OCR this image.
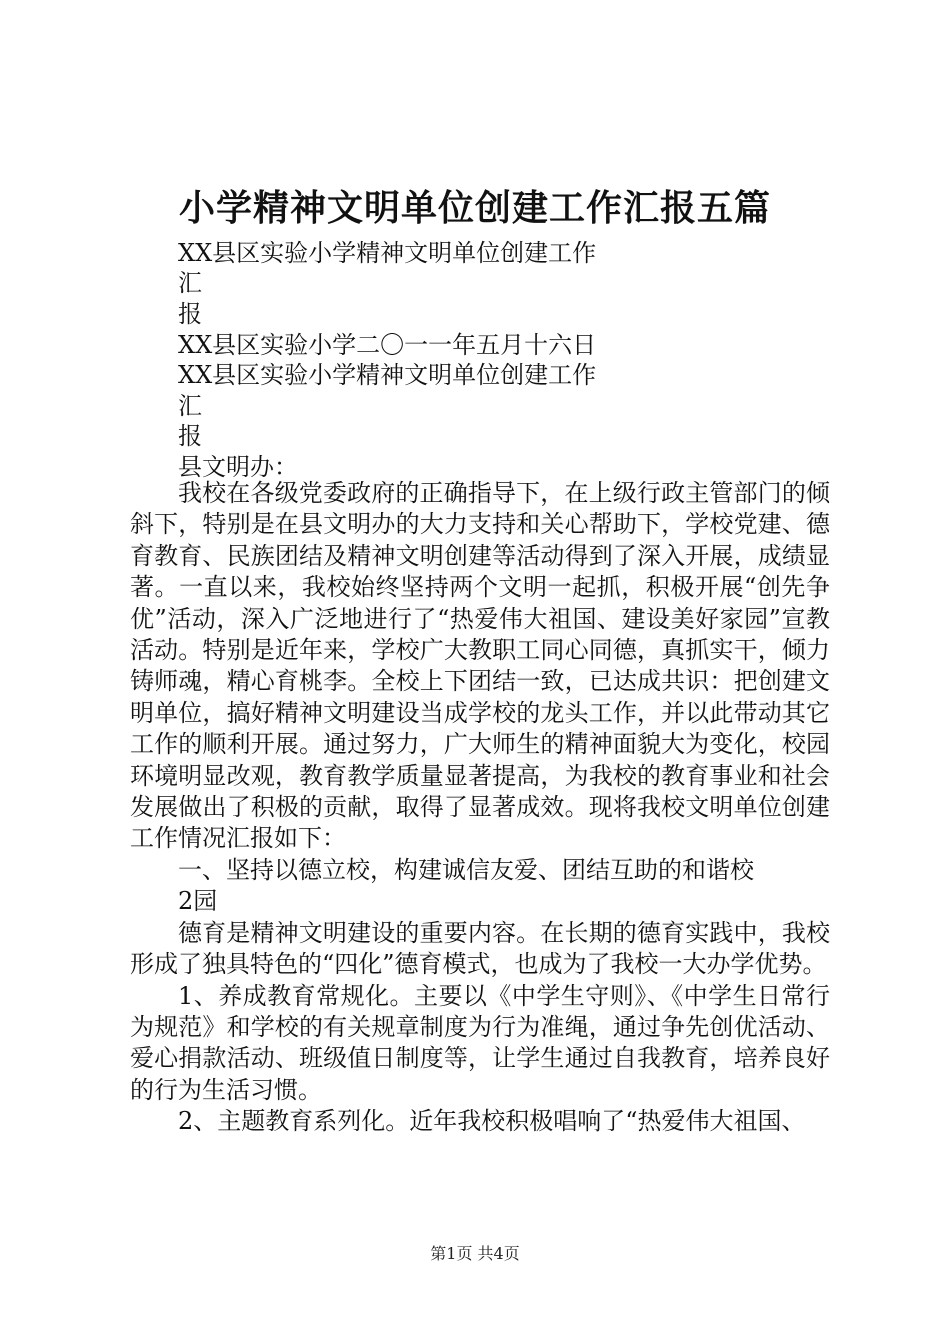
小学精神文明单位创建工作汇报五篇
XX县区实验小学精神文明单位创建工作
汇
报
XX县区实验小学二〇一一年五月十六日
XX县区实验小学精神文明单位创建工作
汇
报
县文明办：

我校在各级党委政府的正确指导下，在上级行政主管部门的倾斜下，特别是在县文明办的大力支持和关心帮助下，学校党建、德育教育、民族团结及精神文明创建等活动得到了深入开展，成绩显著。一直以来，我校始终坚持两个文明一起抓，积极开展“创先争优”活动，深入广泛地进行了“热爱伟大祖国、建设美好家园”宣教活动。特别是近年来，学校广大教职工同心同德，真抓实干，倾力铸师魂，精心育桃李。全校上下团结一致，已达成共识：把创建文明单位，搞好精神文明建设当成学校的龙头工作，并以此带动其它工作的顺利开展。通过努力，广大师生的精神面貌大为变化，校园环境明显改观，教育教学质量显著提高，为我校的教育事业和社会发展做出了积极的贡献，取得了显著成效。现将我校文明单位创建工作情况汇报如下：

一、坚持以德立校，构建诚信友爱、团结互助的和谐校

2园

德育是精神文明建设的重要内容。在长期的德育实践中，我校形成了独具特色的“四化”德育模式，也成为了我校一大办学优势。

1、养成教育常规化。主要以《中学生守则》、《中学生日常行为规范》和学校的有关规章制度为行为准绳，通过争先创优活动、爱心捐款活动、班级值日制度等，让学生通过自我教育，培养良好的行为生活习惯。

2、主题教育系列化。近年我校积极唱响了“热爱伟大祖国、

第1页 共4页
